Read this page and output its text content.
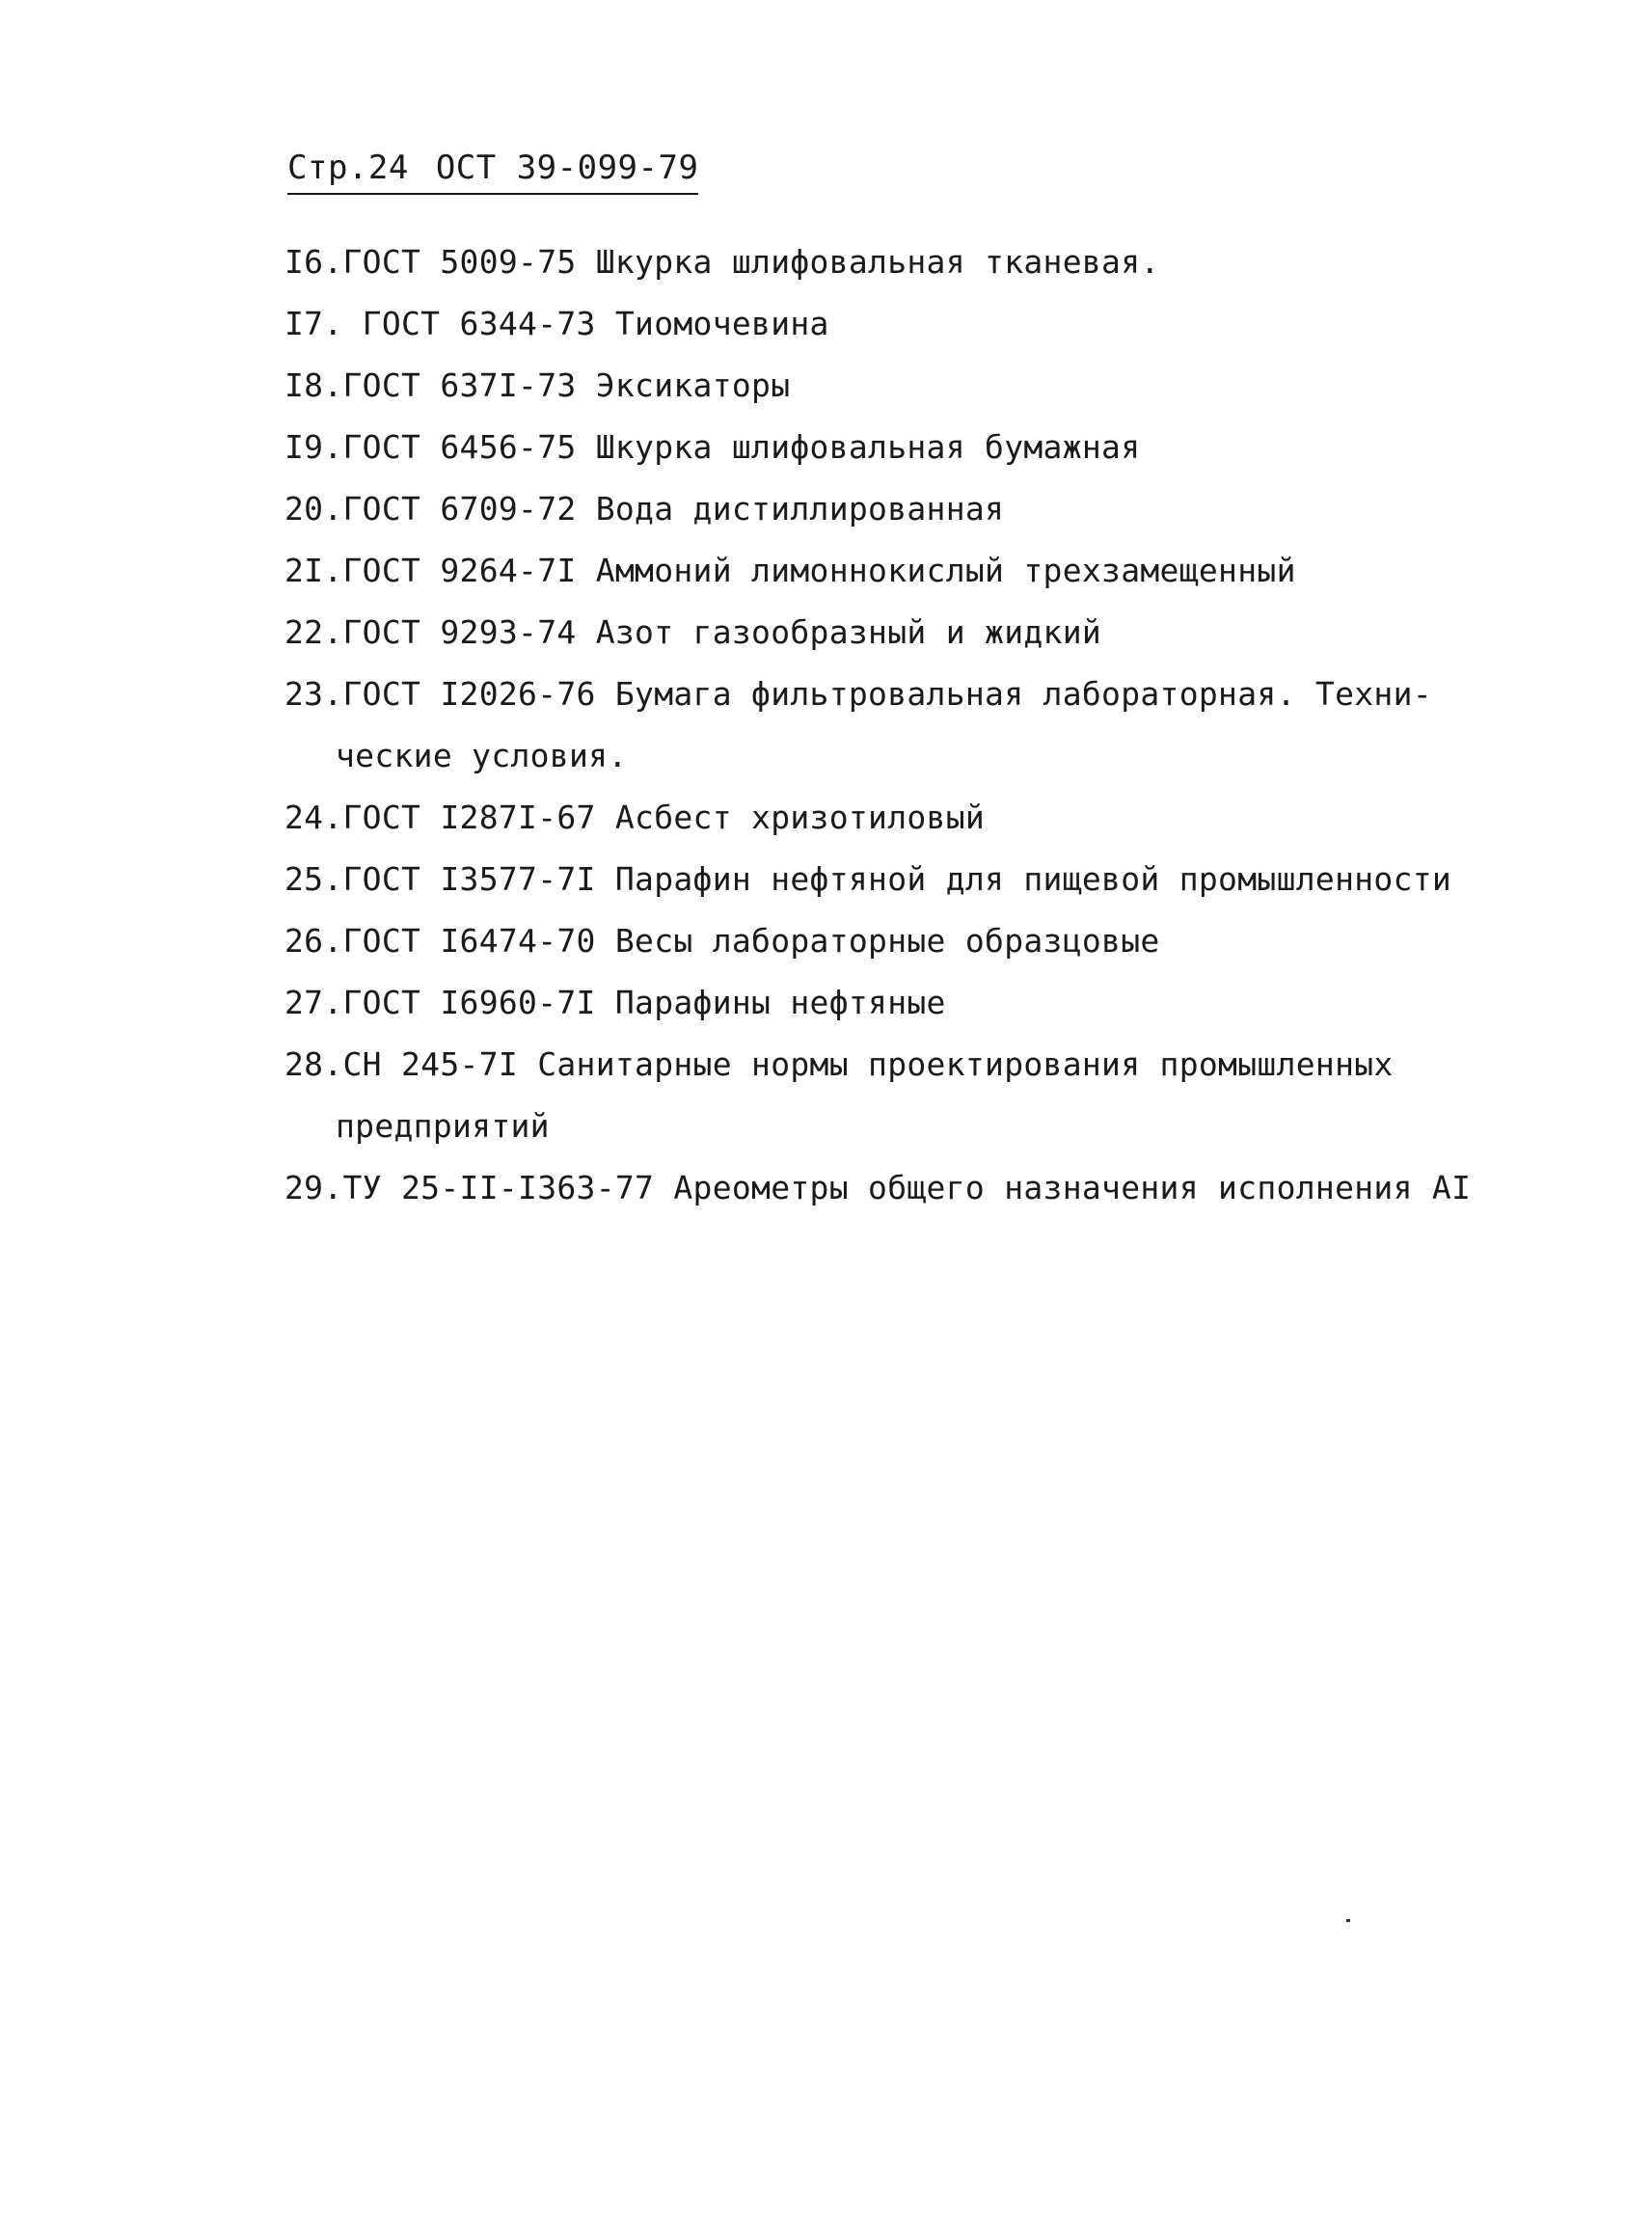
Стр.24 ОСТ 39-099-79
I6.ГОСТ 5009-75 Шкурка шлифовальная тканевая.
I7. ГОСТ 6344-73 Тиомочевина
I8.ГОСТ 637I-73 Эксикаторы
I9.ГОСТ 6456-75 Шкурка шлифовальная бумажная
20.ГОСТ 6709-72 Вода дистиллированная
2I.ГОСТ 9264-7I Аммоний лимоннокислый трехзамещенный
22.ГОСТ 9293-74 Азот газообразный и жидкий
23.ГОСТ I2026-76 Бумага фильтровальная лабораторная. Техни-
ческие условия.
24.ГОСТ I287I-67 Асбест хризотиловый
25.ГОСТ I3577-7I Парафин нефтяной для пищевой промышленности
26.ГОСТ I6474-70 Весы лабораторные образцовые
27.ГОСТ I6960-7I Парафины нефтяные
28.СН 245-7I Санитарные нормы проектирования промышленных
предприятий
29.ТУ 25-II-I363-77 Ареометры общего назначения исполнения AI
